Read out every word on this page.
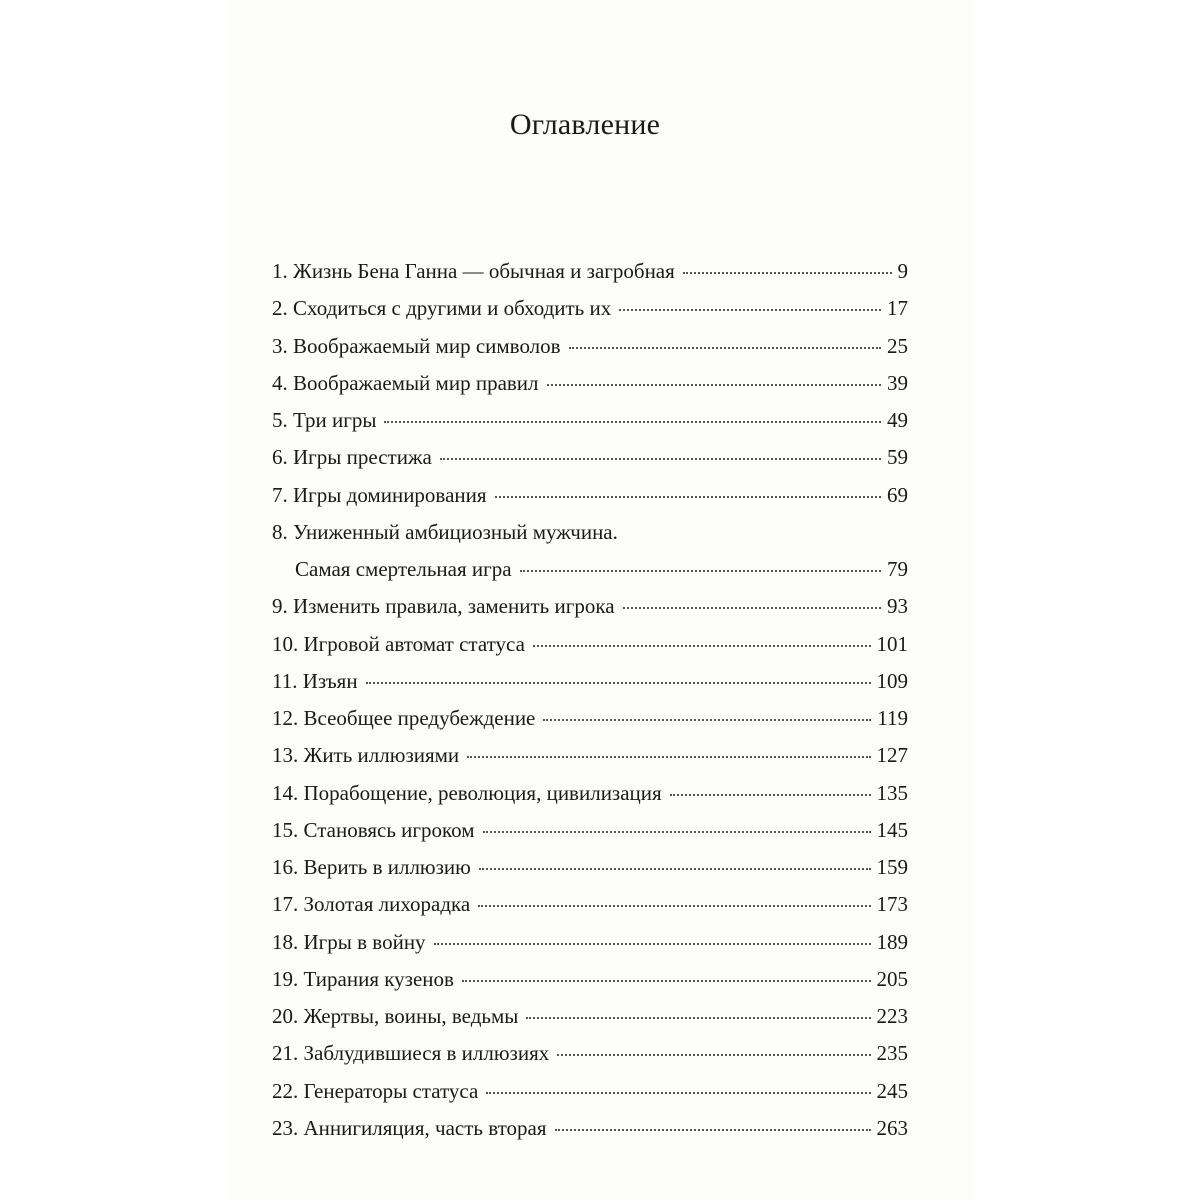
Оглавление
1. Жизнь Бена Ганна — обычная и загробная	9
2. Сходиться с другими и обходить их	17
3. Воображаемый мир символов	25
4. Воображаемый мир правил	39
5. Три игры	49
6. Игры престижа	59
7. Игры доминирования	69
8. Униженный амбициозный мужчина.
Самая смертельная игра	79
9. Изменить правила, заменить игрока	93
10. Игровой автомат статуса	101
11. Изъян	109
12. Всеобщее предубеждение	119
13. Жить иллюзиями	127
14. Порабощение, революция, цивилизация	135
15. Становясь игроком	145
16. Верить в иллюзию	159
17. Золотая лихорадка	173
18. Игры в войну	189
19. Тирания кузенов	205
20. Жертвы, воины, ведьмы	223
21. Заблудившиеся в иллюзиях	235
22. Генераторы статуса	245
23. Аннигиляция, часть вторая	263
